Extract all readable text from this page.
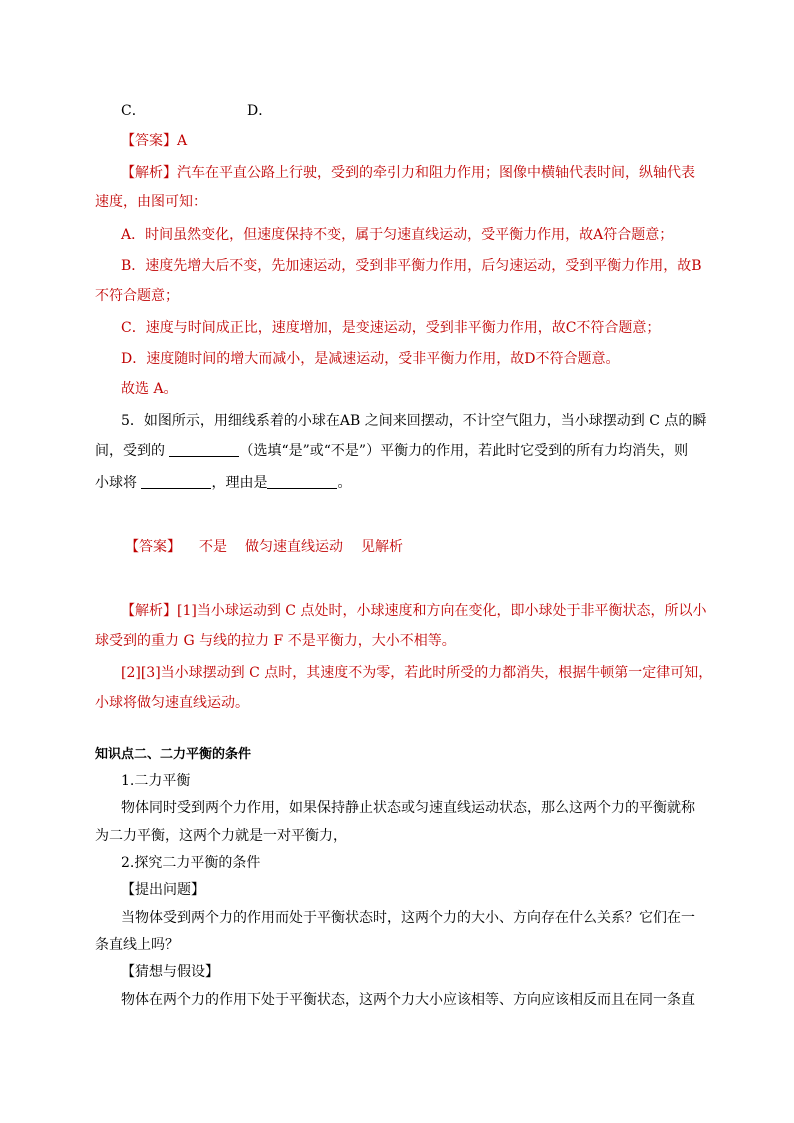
C．	D．
【答案】A
【解析】汽车在平直公路上行驶，受到的牵引力和阻力作用；图像中横轴代表时间，纵轴代表
速度，由图可知：
A．时间虽然变化，但速度保持不变，属于匀速直线运动，受平衡力作用，故A符合题意；
B．速度先增大后不变，先加速运动，受到非平衡力作用，后匀速运动，受到平衡力作用，故B
不符合题意；
C．速度与时间成正比，速度增加，是变速运动，受到非平衡力作用，故C不符合题意；
D．速度随时间的增大而减小，是减速运动，受非平衡力作用，故D不符合题意。
故选 A。
5．如图所示，用细线系着的小球在AB 之间来回摆动，不计空气阻力，当小球摆动到 C 点的瞬
间，受到的	（选填“是”或“不是”）平衡力的作用，若此时它受到的所有力均消失，则
小球将	，理由是	。
【答案】 不是 做匀速直线运动 见解析
【解析】[1]当小球运动到 C 点处时，小球速度和方向在变化，即小球处于非平衡状态，所以小
球受到的重力 G 与线的拉力 F 不是平衡力，大小不相等。
[2][3]当小球摆动到 C 点时，其速度不为零，若此时所受的力都消失，根据牛顿第一定律可知，
小球将做匀速直线运动。
知识点二、二力平衡的条件
1.二力平衡
物体同时受到两个力作用，如果保持静止状态或匀速直线运动状态，那么这两个力的平衡就称
为二力平衡，这两个力就是一对平衡力，
2.探究二力平衡的条件
【提出问题】
当物体受到两个力的作用而处于平衡状态时，这两个力的大小、方向存在什么关系？它们在一
条直线上吗？
【猜想与假设】
物体在两个力的作用下处于平衡状态，这两个力大小应该相等、方向应该相反而且在同一条直
